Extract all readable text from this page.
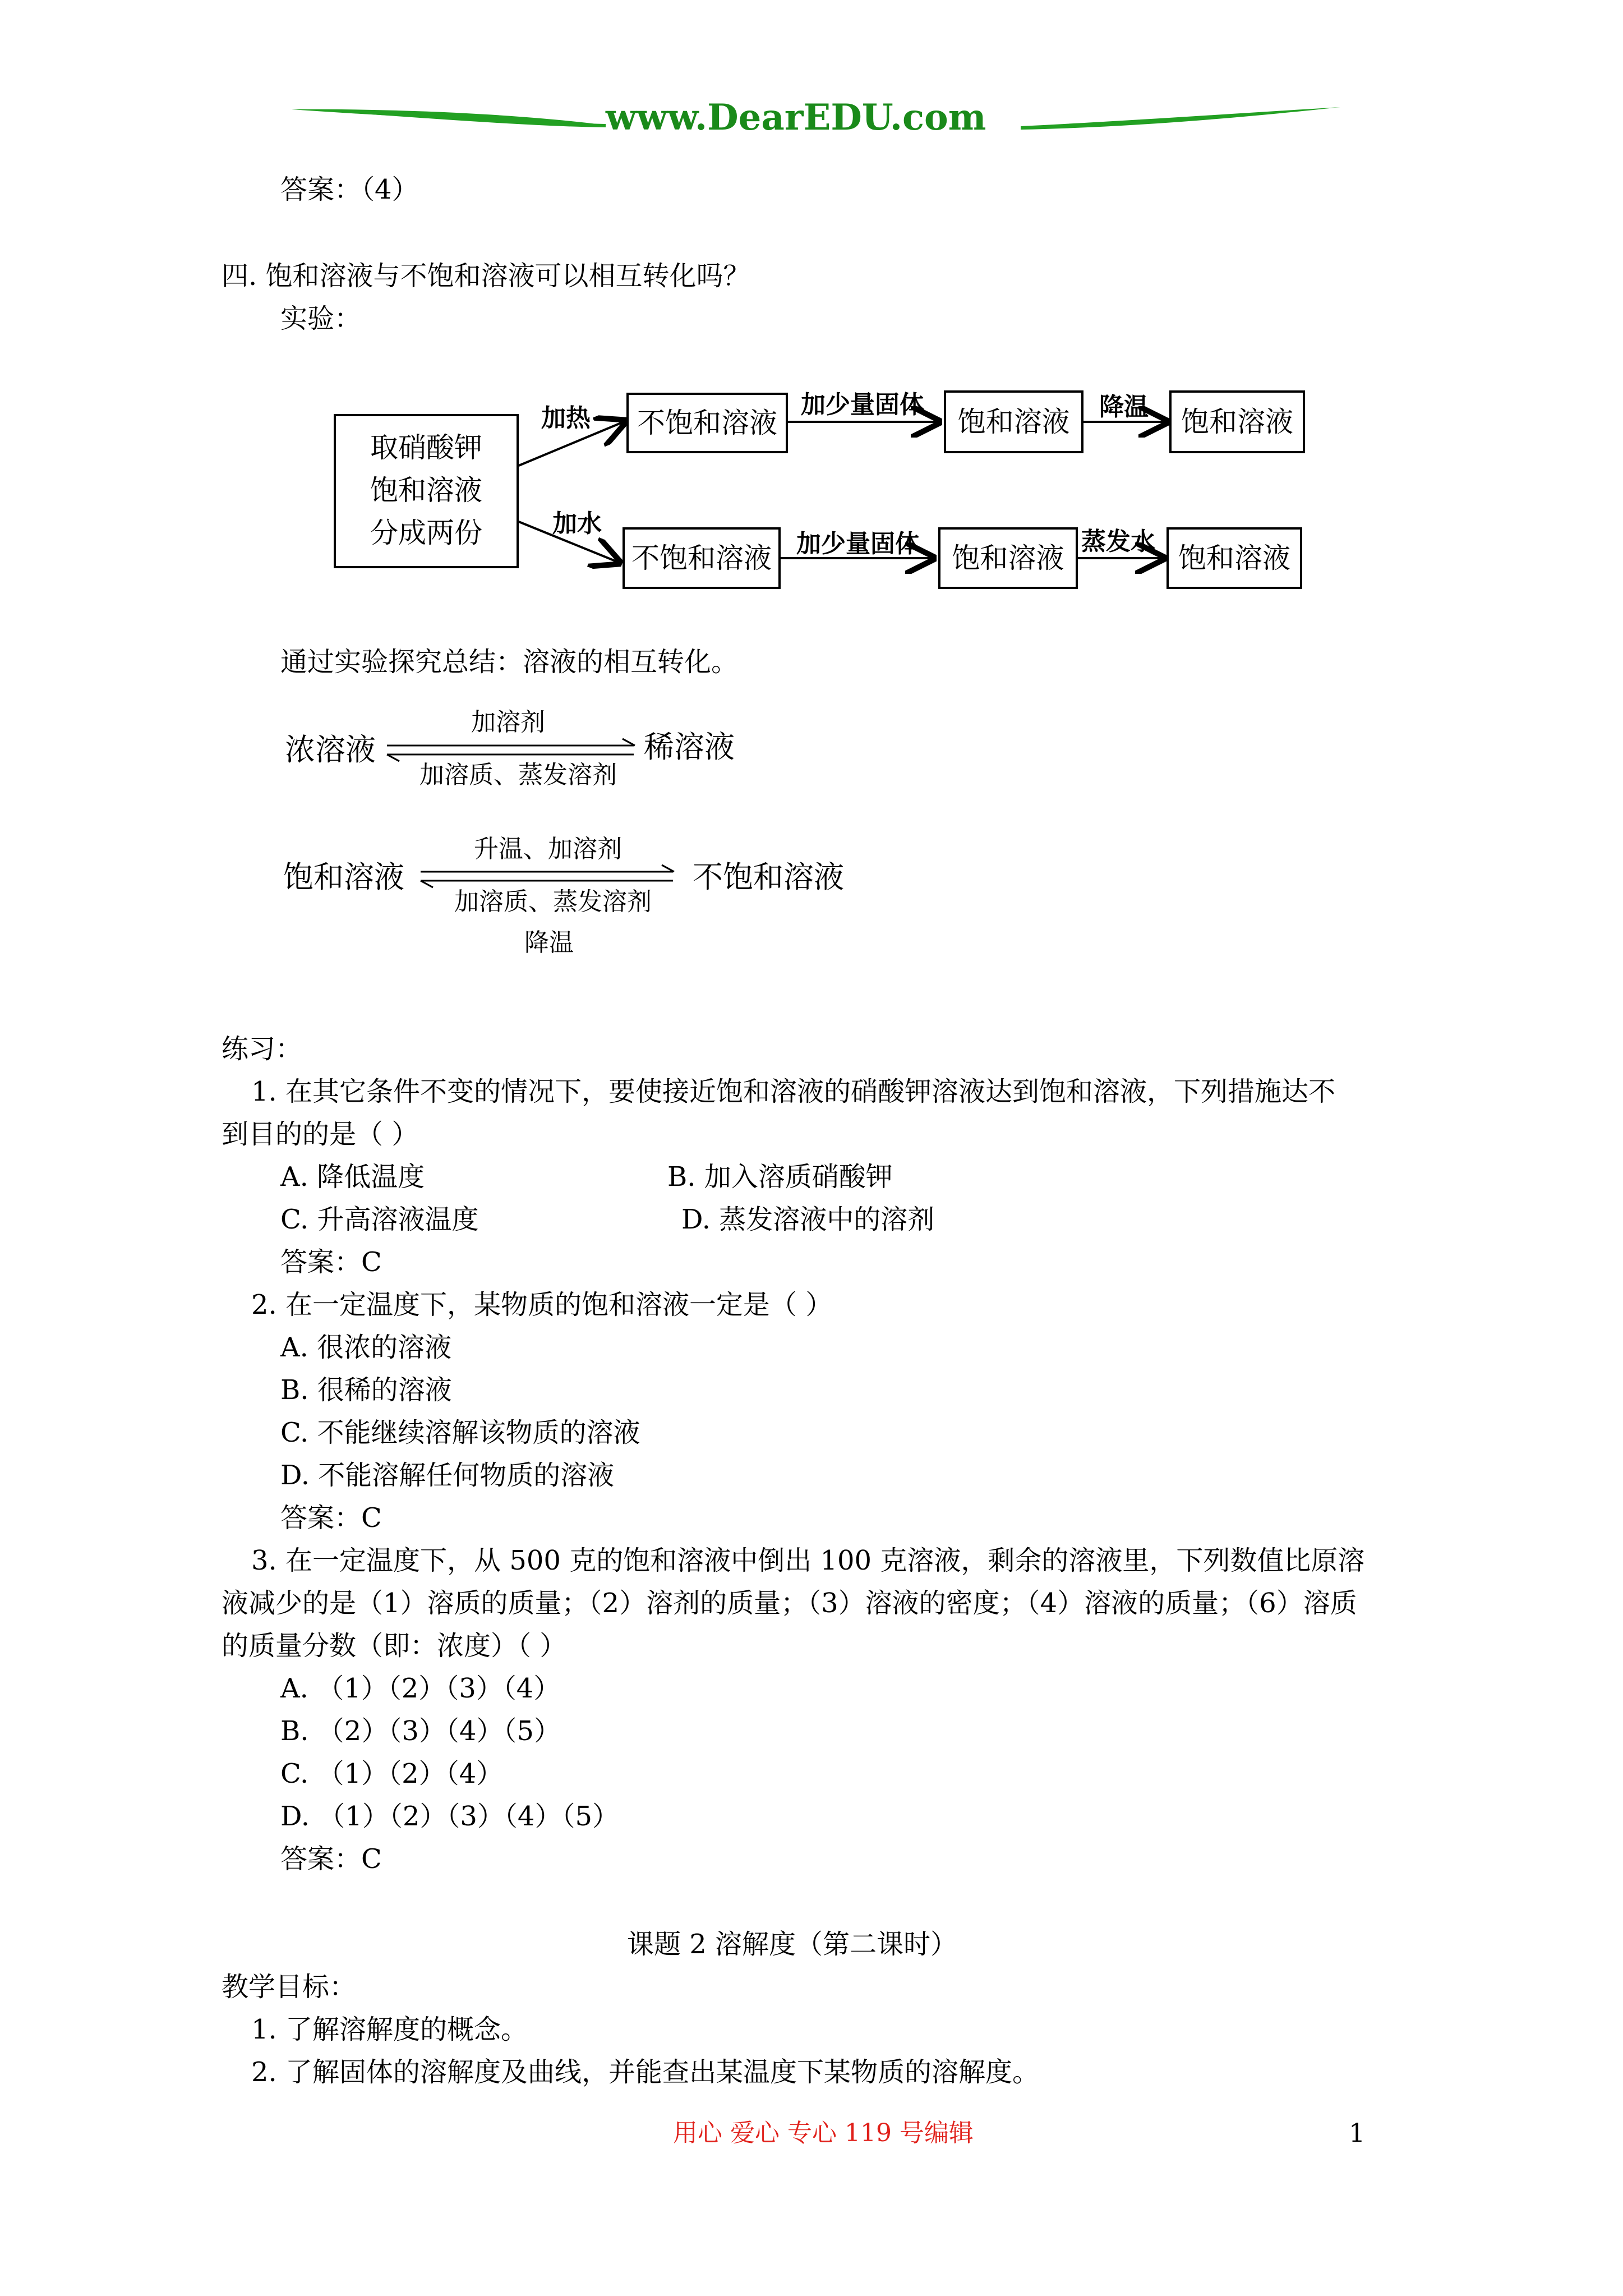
www.DearEDU.com
答案：（4）
四. 饱和溶液与不饱和溶液可以相互转化吗？
实验：
取硝酸钾
饱和溶液
分成两份
加热	不饱和溶液
加少量固体
饱和溶液	降温	饱和溶液
加水
不饱和溶液	加少量固体	饱和溶液
蒸发水
饱和溶液
通过实验探究总结：溶液的相互转化。
浓溶液
加溶剂
稀溶液
加溶质、蒸发溶剂
饱和溶液
升温、加溶剂
不饱和溶液
加溶质、蒸发溶剂
降温
练习：
1. 在其它条件不变的情况下，要使接近饱和溶液的硝酸钾溶液达到饱和溶液，下列措施达不
到目的的是（ ）
A. 降低温度	B. 加入溶质硝酸钾
C. 升高溶液温度	D. 蒸发溶液中的溶剂
答案：C
2. 在一定温度下，某物质的饱和溶液一定是（ ）
A. 很浓的溶液
B. 很稀的溶液
C. 不能继续溶解该物质的溶液
D. 不能溶解任何物质的溶液
答案：C
3. 在一定温度下，从 500 克的饱和溶液中倒出 100 克溶液，剩余的溶液里，下列数值比原溶
液减少的是（1）溶质的质量；（2）溶剂的质量；（3）溶液的密度；（4）溶液的质量；（6）溶质
的质量分数（即：浓度）（ ）
A. （1）（2）（3）（4）
B. （2）（3）（4）（5）
C. （1）（2）（4）
D. （1）（2）（3）（4）（5）
答案：C
课题 2 溶解度（第二课时）
教学目标：
1. 了解溶解度的概念。
2. 了解固体的溶解度及曲线，并能查出某温度下某物质的溶解度。
用心 爱心 专心 119 号编辑	1
